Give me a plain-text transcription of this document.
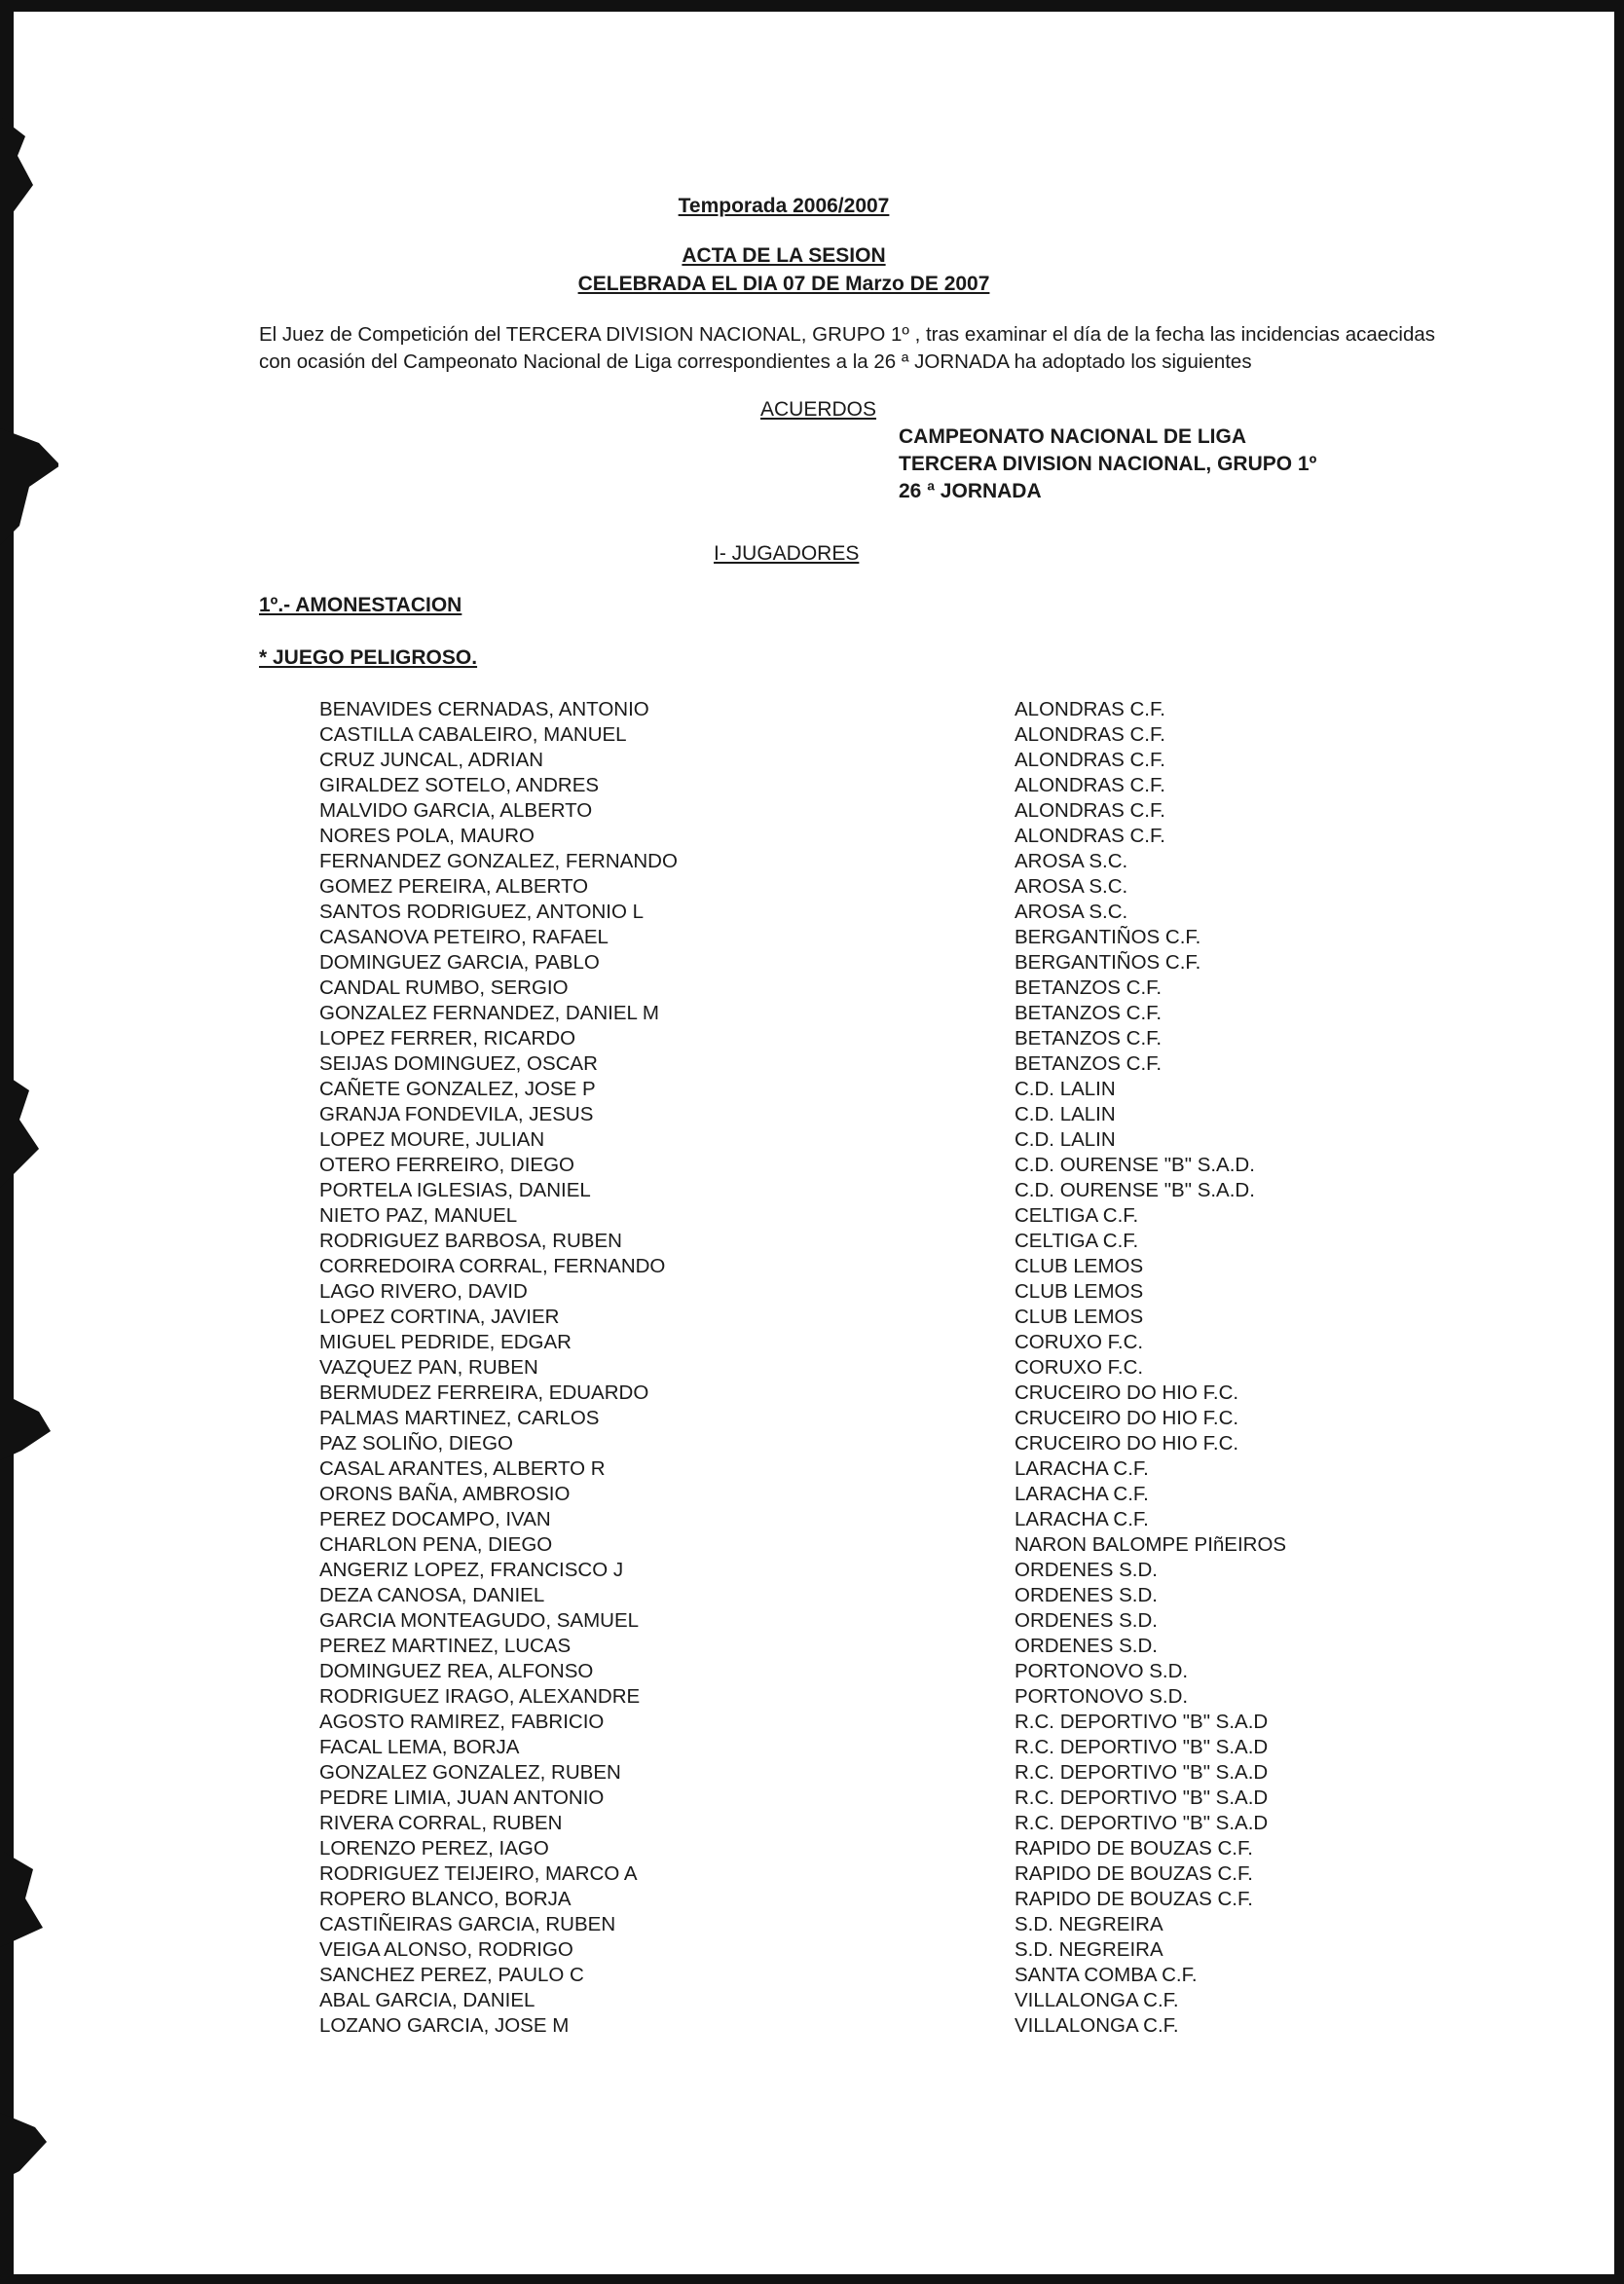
Temporada 2006/2007
ACTA DE LA SESION
CELEBRADA EL DIA 07 DE Marzo DE 2007
El Juez de Competición del TERCERA DIVISION NACIONAL, GRUPO 1º , tras examinar el día de la fecha las incidencias acaecidas con ocasión del Campeonato Nacional de Liga correspondientes a la 26 ª JORNADA ha adoptado los siguientes
ACUERDOS
CAMPEONATO NACIONAL DE LIGA
TERCERA DIVISION NACIONAL, GRUPO 1º
26 ª JORNADA
I- JUGADORES
1º.- AMONESTACION
* JUEGO PELIGROSO.
BENAVIDES CERNADAS, ANTONIO	ALONDRAS C.F.
CASTILLA CABALEIRO, MANUEL	ALONDRAS C.F.
CRUZ JUNCAL, ADRIAN	ALONDRAS C.F.
GIRALDEZ SOTELO, ANDRES	ALONDRAS C.F.
MALVIDO GARCIA, ALBERTO	ALONDRAS C.F.
NORES POLA, MAURO	ALONDRAS C.F.
FERNANDEZ GONZALEZ, FERNANDO	AROSA S.C.
GOMEZ PEREIRA, ALBERTO	AROSA S.C.
SANTOS RODRIGUEZ, ANTONIO L	AROSA S.C.
CASANOVA PETEIRO, RAFAEL	BERGANTIÑOS C.F.
DOMINGUEZ GARCIA, PABLO	BERGANTIÑOS C.F.
CANDAL RUMBO, SERGIO	BETANZOS C.F.
GONZALEZ FERNANDEZ, DANIEL M	BETANZOS C.F.
LOPEZ FERRER, RICARDO	BETANZOS C.F.
SEIJAS DOMINGUEZ, OSCAR	BETANZOS C.F.
CAÑETE GONZALEZ, JOSE P	C.D. LALIN
GRANJA FONDEVILA, JESUS	C.D. LALIN
LOPEZ MOURE, JULIAN	C.D. LALIN
OTERO FERREIRO, DIEGO	C.D. OURENSE "B" S.A.D.
PORTELA IGLESIAS, DANIEL	C.D. OURENSE "B" S.A.D.
NIETO PAZ, MANUEL	CELTIGA C.F.
RODRIGUEZ BARBOSA, RUBEN	CELTIGA C.F.
CORREDOIRA CORRAL, FERNANDO	CLUB LEMOS
LAGO RIVERO, DAVID	CLUB LEMOS
LOPEZ CORTINA, JAVIER	CLUB LEMOS
MIGUEL PEDRIDE, EDGAR	CORUXO F.C.
VAZQUEZ PAN, RUBEN	CORUXO F.C.
BERMUDEZ FERREIRA, EDUARDO	CRUCEIRO DO HIO F.C.
PALMAS MARTINEZ, CARLOS	CRUCEIRO DO HIO F.C.
PAZ SOLIÑO, DIEGO	CRUCEIRO DO HIO F.C.
CASAL ARANTES, ALBERTO R	LARACHA C.F.
ORONS BAÑA, AMBROSIO	LARACHA C.F.
PEREZ DOCAMPO, IVAN	LARACHA C.F.
CHARLON PENA, DIEGO	NARON BALOMPE PIñEIROS
ANGERIZ LOPEZ, FRANCISCO J	ORDENES S.D.
DEZA CANOSA, DANIEL	ORDENES S.D.
GARCIA MONTEAGUDO, SAMUEL	ORDENES S.D.
PEREZ MARTINEZ, LUCAS	ORDENES S.D.
DOMINGUEZ REA, ALFONSO	PORTONOVO S.D.
RODRIGUEZ IRAGO, ALEXANDRE	PORTONOVO S.D.
AGOSTO RAMIREZ, FABRICIO	R.C. DEPORTIVO "B" S.A.D
FACAL LEMA, BORJA	R.C. DEPORTIVO "B" S.A.D
GONZALEZ GONZALEZ, RUBEN	R.C. DEPORTIVO "B" S.A.D
PEDRE LIMIA, JUAN ANTONIO	R.C. DEPORTIVO "B" S.A.D
RIVERA CORRAL, RUBEN	R.C. DEPORTIVO "B" S.A.D
LORENZO PEREZ, IAGO	RAPIDO DE BOUZAS C.F.
RODRIGUEZ TEIJEIRO, MARCO A	RAPIDO DE BOUZAS C.F.
ROPERO BLANCO, BORJA	RAPIDO DE BOUZAS C.F.
CASTIÑEIRAS GARCIA, RUBEN	S.D. NEGREIRA
VEIGA ALONSO, RODRIGO	S.D. NEGREIRA
SANCHEZ PEREZ, PAULO C	SANTA COMBA C.F.
ABAL GARCIA, DANIEL	VILLALONGA C.F.
LOZANO GARCIA, JOSE M	VILLALONGA C.F.
